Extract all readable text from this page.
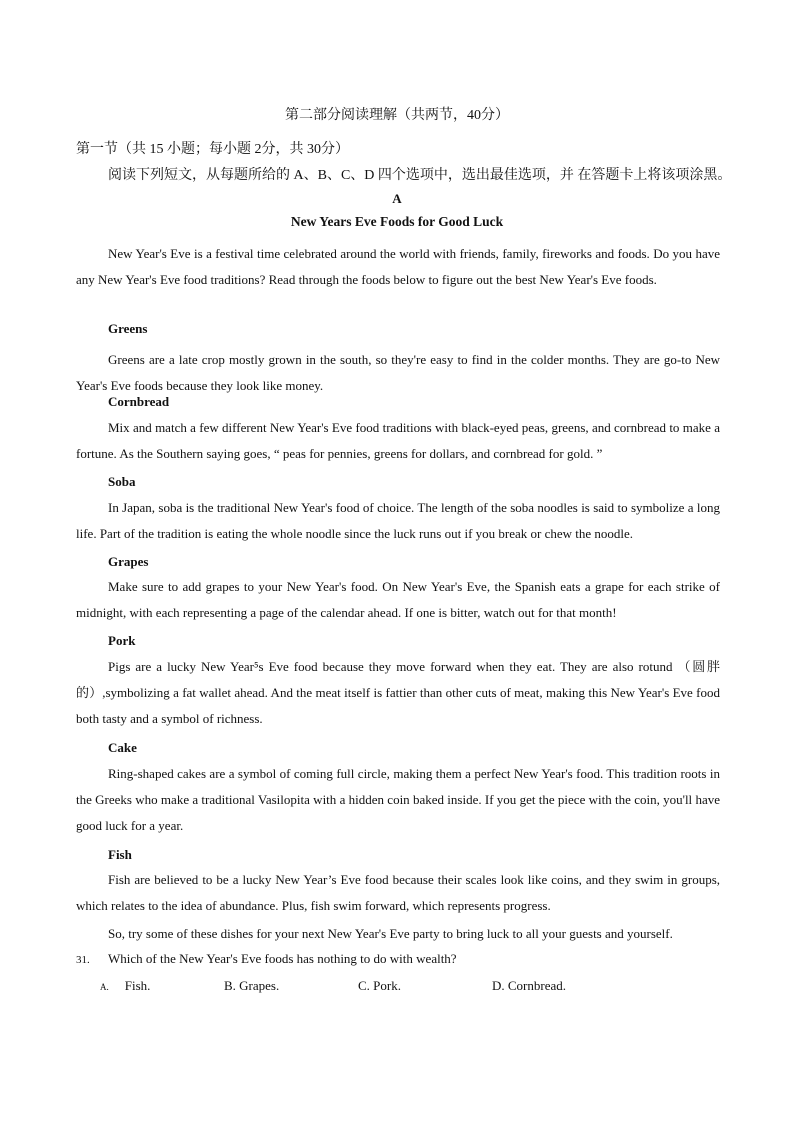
第二部分阅读理解（共两节，40分）
第一节（共 15 小题；每小题 2分，共 30分）
阅读下列短文，从每题所给的 A、B、C、D 四个选项中，选出最佳选项，并 在答题卡上将该项涂黑。
A
New Years Eve Foods for Good Luck

New Year's Eve is a festival time celebrated around the world with friends, family, fireworks and foods. Do you have any New Year's Eve food traditions? Read through the foods below to figure out the best New Year's Eve foods.

Greens

Greens are a late crop mostly grown in the south, so they're easy to find in the colder months. They are go-to New Year's Eve foods because they look like money.

Cornbread

Mix and match a few different New Year's Eve food traditions with black-eyed peas, greens, and cornbread to make a fortune. As the Southern saying goes, “ peas for pennies, greens for dollars, and cornbread for gold. ”

Soba

In Japan, soba is the traditional New Year's food of choice. The length of the soba noodles is said to symbolize a long life. Part of the tradition is eating the whole noodle since the luck runs out if you break or chew the noodle.

Grapes

Make sure to add grapes to your New Year's food. On New Year's Eve, the Spanish eats a grape for each strike of midnight, with each representing a page of the calendar ahead. If one is bitter, watch out for that month!

Pork

Pigs are a lucky New Year⁵s Eve food because they move forward when they eat. They are also rotund （圆胖的）,symbolizing a fat wallet ahead. And the meat itself is fattier than other cuts of meat, making this New Year's Eve food both tasty and a symbol of richness.

Cake

Ring-shaped cakes are a symbol of coming full circle, making them a perfect New Year's food. This tradition roots in the Greeks who make a traditional Vasilopita with a hidden coin baked inside. If you get the piece with the coin, you'll have good luck for a year.

Fish

Fish are believed to be a lucky New Year’s Eve food because their scales look like coins, and they swim in groups, which relates to the idea of abundance. Plus, fish swim forward, which represents progress.

So, try some of these dishes for your next New Year's Eve party to bring luck to all your guests and yourself.

31. Which of the New Year's Eve foods has nothing to do with wealth?
A. Fish.	B. Grapes.	C. Pork.	D. Cornbread.
